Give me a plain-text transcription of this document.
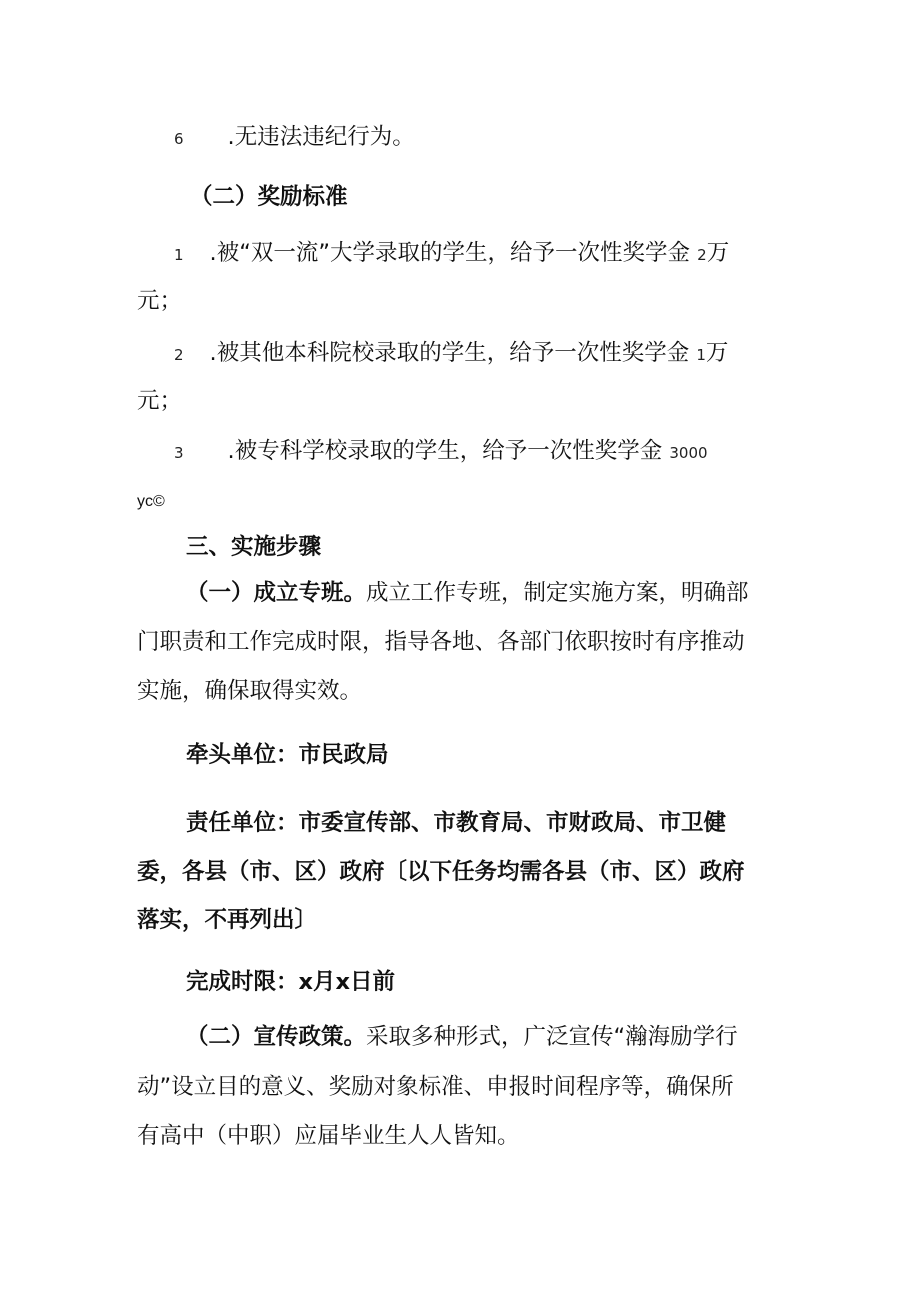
6 .无违法违纪行为。
（二）奖励标准
1 .被“双一流”大学录取的学生，给予一次性奖学金 2万
元；
2 .被其他本科院校录取的学生，给予一次性奖学金 1万
元；
3 .被专科学校录取的学生，给予一次性奖学金 3000
yc©
三、实施步骤
（一）成立专班。成立工作专班，制定实施方案，明确部
门职责和工作完成时限，指导各地、各部门依职按时有序推动
实施，确保取得实效。
牵头单位：市民政局
责任单位：市委宣传部、市教育局、市财政局、市卫健
委，各县（市、区）政府〔以下任务均需各县（市、区）政府
落实，不再列出〕
完成时限：x月x日前
（二）宣传政策。采取多种形式，广泛宣传“瀚海励学行
动”设立目的意义、奖励对象标准、申报时间程序等，确保所
有高中（中职）应届毕业生人人皆知。
